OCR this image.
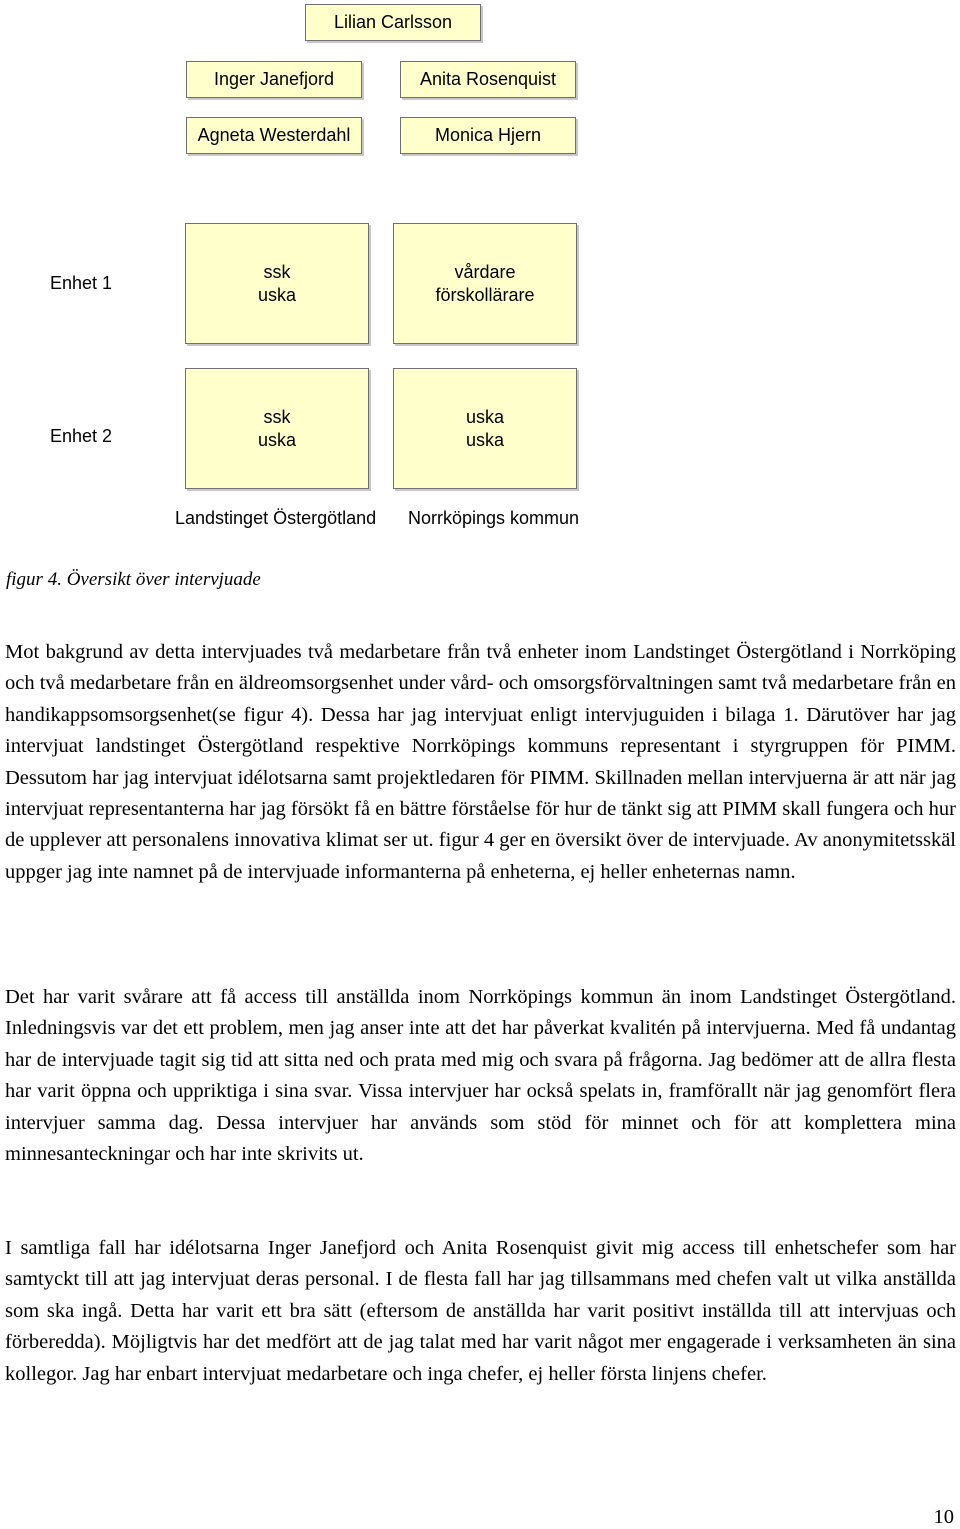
Lilian Carlsson
Inger Janefjord	Anita Rosenquist
Agneta Westerdahl	Monica Hjern
Enhet 1
ssk
uska
vårdare
förskollärare
Enhet 2
ssk
uska
uska
uska
Landstinget Östergötland Norrköpings kommun
figur 4. Översikt över intervjuade

Mot bakgrund av detta intervjuades två medarbetare från två enheter inom Landstinget Östergötland i Norrköping och två medarbetare från en äldreomsorgsenhet under vård- och omsorgsförvaltningen samt två medarbetare från en handikappsomsorgsenhet(se figur 4). Dessa har jag intervjuat enligt intervjuguiden i bilaga 1. Därutöver har jag intervjuat landstinget Östergötland respektive Norrköpings kommuns representant i styrgruppen för PIMM. Dessutom har jag intervjuat idélotsarna samt projektledaren för PIMM. Skillnaden mellan intervjuerna är att när jag intervjuat representanterna har jag försökt få en bättre förståelse för hur de tänkt sig att PIMM skall fungera och hur de upplever att personalens innovativa klimat ser ut. figur 4 ger en översikt över de intervjuade. Av anonymitetsskäl uppger jag inte namnet på de intervjuade informanterna på enheterna, ej heller enheternas namn.

Det har varit svårare att få access till anställda inom Norrköpings kommun än inom Landstinget Östergötland. Inledningsvis var det ett problem, men jag anser inte att det har påverkat kvalitén på intervjuerna. Med få undantag har de intervjuade tagit sig tid att sitta ned och prata med mig och svara på frågorna. Jag bedömer att de allra flesta har varit öppna och uppriktiga i sina svar. Vissa intervjuer har också spelats in, framförallt när jag genomfört flera intervjuer samma dag. Dessa intervjuer har används som stöd för minnet och för att komplettera mina minnesanteckningar och har inte skrivits ut.

I samtliga fall har idélotsarna Inger Janefjord och Anita Rosenquist givit mig access till enhetschefer som har samtyckt till att jag intervjuat deras personal. I de flesta fall har jag tillsammans med chefen valt ut vilka anställda som ska ingå. Detta har varit ett bra sätt (eftersom de anställda har varit positivt inställda till att intervjuas och förberedda). Möjligtvis har det medfört att de jag talat med har varit något mer engagerade i verksamheten än sina kollegor. Jag har enbart intervjuat medarbetare och inga chefer, ej heller första linjens chefer.

10
